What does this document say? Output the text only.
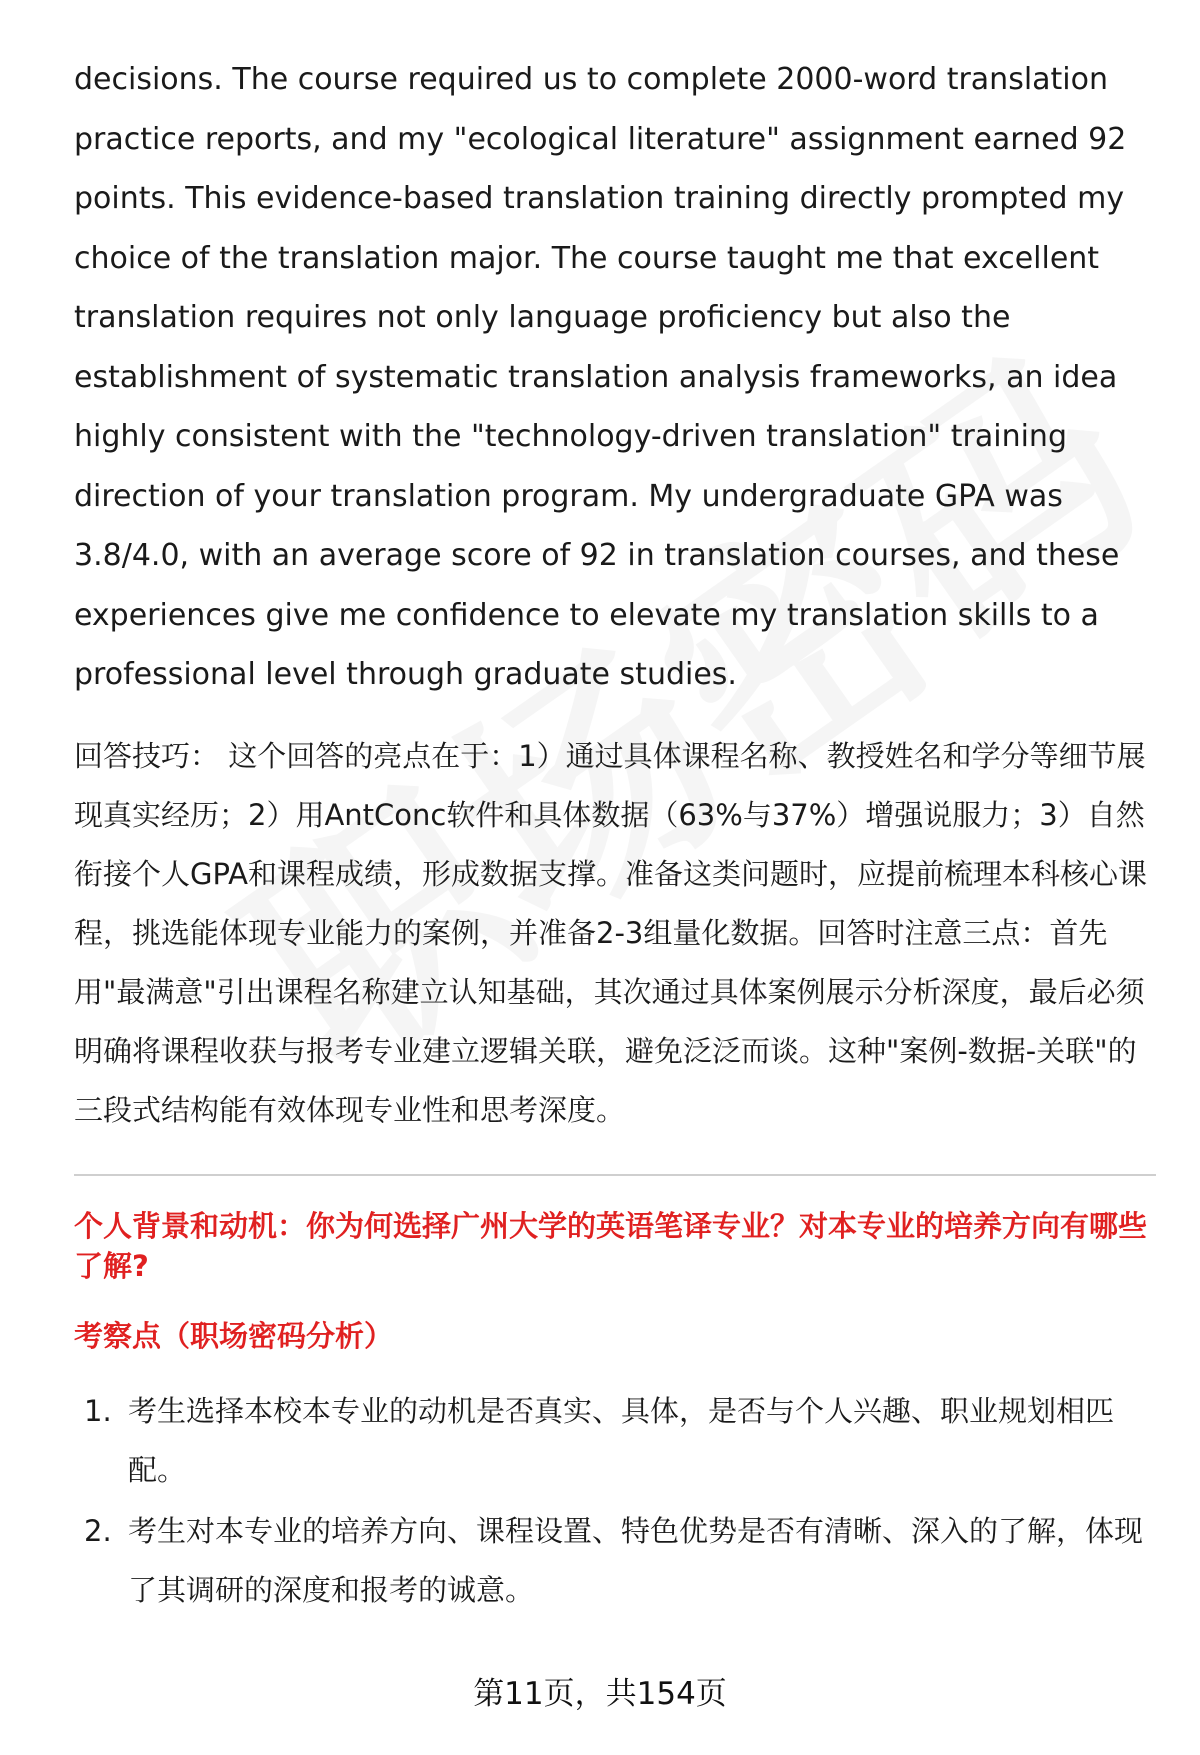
decisions. The course required us to complete 2000-word translation practice reports, and my "ecological literature" assignment earned 92 points. This evidence-based translation training directly prompted my choice of the translation major. The course taught me that excellent translation requires not only language proficiency but also the establishment of systematic translation analysis frameworks, an idea highly consistent with the "technology-driven translation" training direction of your translation program. My undergraduate GPA was 3.8/4.0, with an average score of 92 in translation courses, and these experiences give me confidence to elevate my translation skills to a professional level through graduate studies.

回答技巧： 这个回答的亮点在于：1）通过具体课程名称、教授姓名和学分等细节展现真实经历；2）用AntConc软件和具体数据（63%与37%）增强说服力；3）自然衔接个人GPA和课程成绩，形成数据支撑。准备这类问题时，应提前梳理本科核心课程，挑选能体现专业能力的案例，并准备2-3组量化数据。回答时注意三点：首先用"最满意"引出课程名称建立认知基础，其次通过具体案例展示分析深度，最后必须明确将课程收获与报考专业建立逻辑关联，避免泛泛而谈。这种"案例-数据-关联"的三段式结构能有效体现专业性和思考深度。

个人背景和动机：你为何选择广州大学的英语笔译专业？对本专业的培养方向有哪些了解?
考察点（职场密码分析）
1. 考生选择本校本专业的动机是否真实、具体，是否与个人兴趣、职业规划相匹配。
2. 考生对本专业的培养方向、课程设置、特色优势是否有清晰、深入的了解，体现了其调研的深度和报考的诚意。
第11页，共154页
